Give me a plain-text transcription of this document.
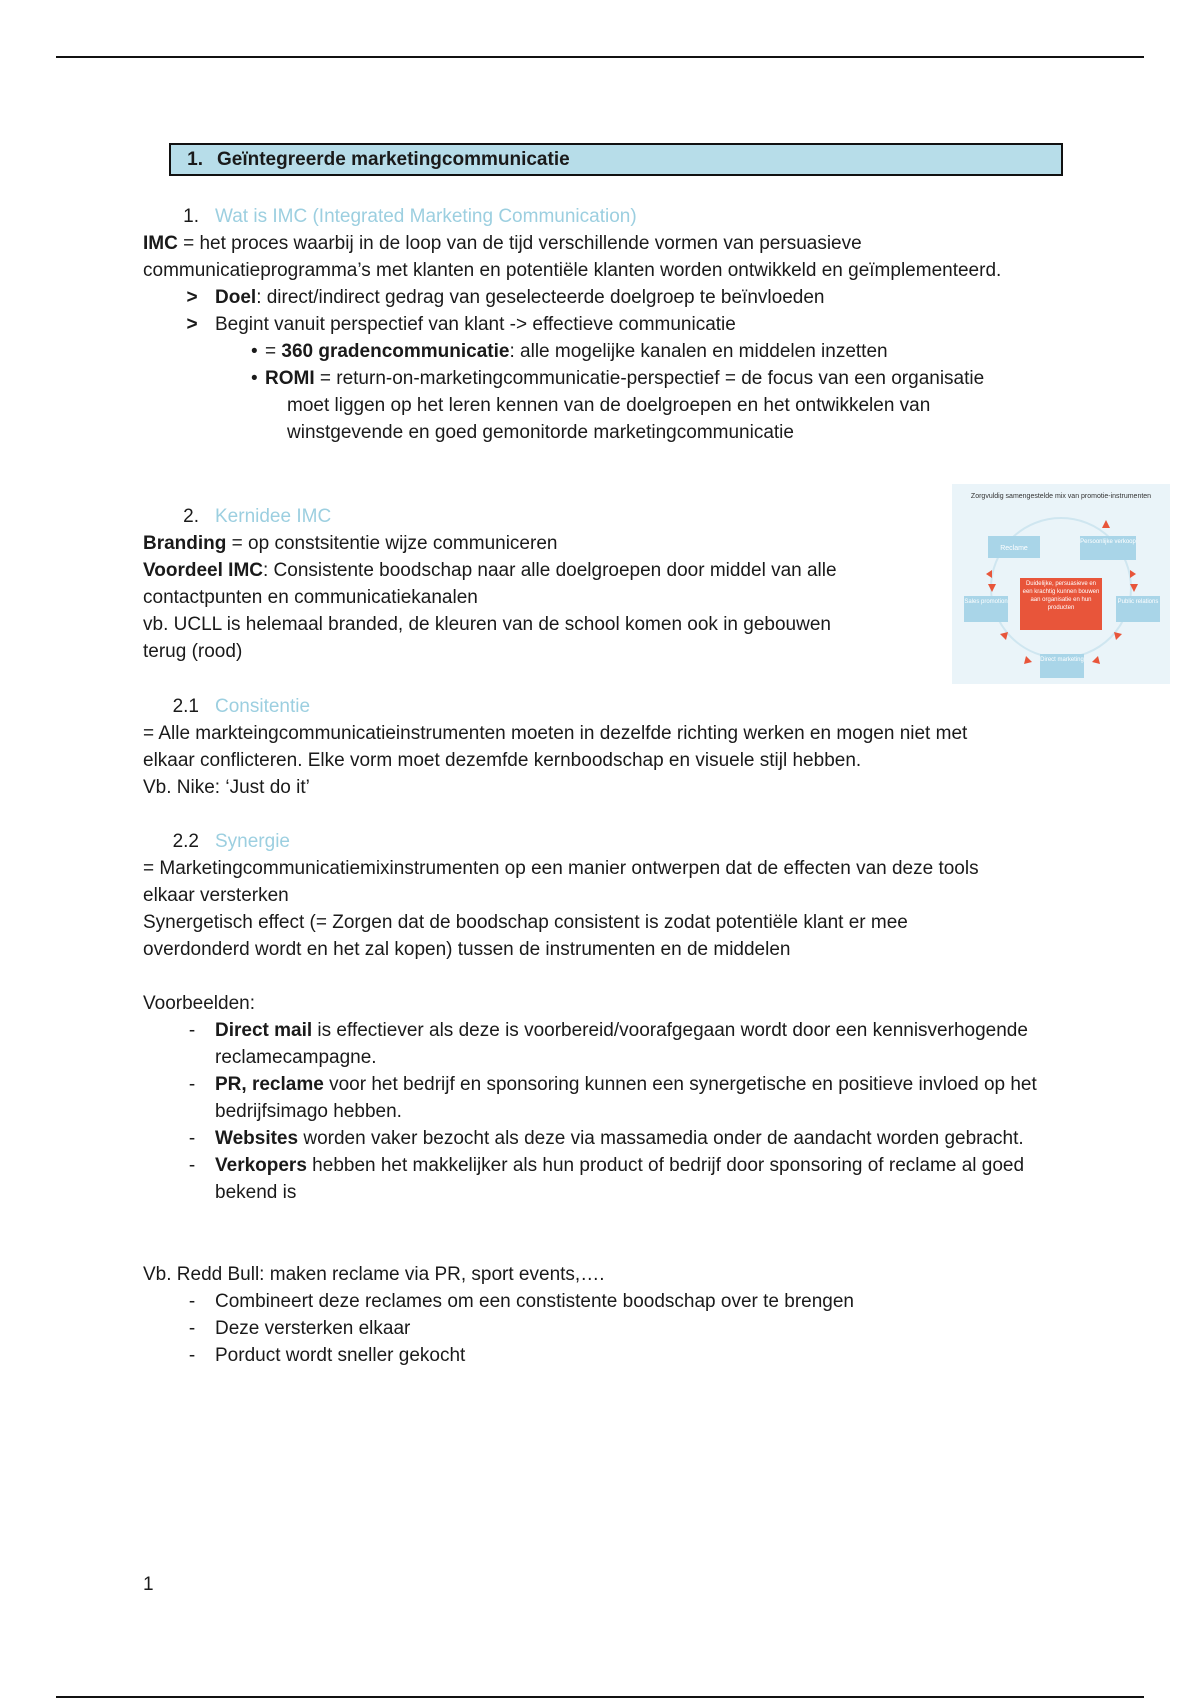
1. Geïntegreerde marketingcommunicatie
1. Wat is IMC (Integrated Marketing Communication)

IMC = het proces waarbij in de loop van de tijd verschillende vormen van persuasieve communicatieprogramma’s met klanten en potentiële klanten worden ontwikkeld en geïmplementeerd.

> Doel: direct/indirect gedrag van geselecteerde doelgroep te beïnvloeden
> Begint vanuit perspectief van klant -> effectieve communicatie
• = 360 gradencommunicatie: alle mogelijke kanalen en middelen inzetten
• ROMI = return-on-marketingcommunicatie-perspectief = de focus van een organisatie
moet liggen op het leren kennen van de doelgroepen en het ontwikkelen van
winstgevende en goed gemonitorde marketingcommunicatie
2. Kernidee IMC

Branding = op constsitentie wijze communiceren

Voordeel IMC: Consistente boodschap naar alle doelgroepen door middel van alle
contactpunten en communicatiekanalen

vb. UCLL is helemaal branded, de kleuren van de school komen ook in gebouwen
terug (rood)

Zorgvuldig samengestelde mix van promotie-instrumenten
Duidelijke, persuasieve en een krachtig kunnen bouwen aan organisatie en hun producten
Reclame
Persoonlijke verkoop
Sales promotion	Public relations
Direct marketing
2.1 Consitentie

= Alle markteingcommunicatieinstrumenten moeten in dezelfde richting werken en mogen niet met
elkaar conflicteren. Elke vorm moet dezemfde kernboodschap en visuele stijl hebben.
Vb. Nike: ‘Just do it’

2.2 Synergie

= Marketingcommunicatiemixinstrumenten op een manier ontwerpen dat de effecten van deze tools
elkaar versterken
Synergetisch effect (= Zorgen dat de boodschap consistent is zodat potentiële klant er mee
overdonderd wordt en het zal kopen) tussen de instrumenten en de middelen

Voorbeelden:

-	Direct mail is effectiever als deze is voorbereid/voorafgegaan wordt door een kennisverhogende reclamecampagne.
-	PR, reclame voor het bedrijf en sponsoring kunnen een synergetische en positieve invloed op het bedrijfsimago hebben.
-	Websites worden vaker bezocht als deze via massamedia onder de aandacht worden gebracht.
-	Verkopers hebben het makkelijker als hun product of bedrijf door sponsoring of reclame al goed bekend is

Vb. Redd Bull: maken reclame via PR, sport events,….

-	Combineert deze reclames om een constistente boodschap over te brengen
-	Deze versterken elkaar
-	Porduct wordt sneller gekocht
1
